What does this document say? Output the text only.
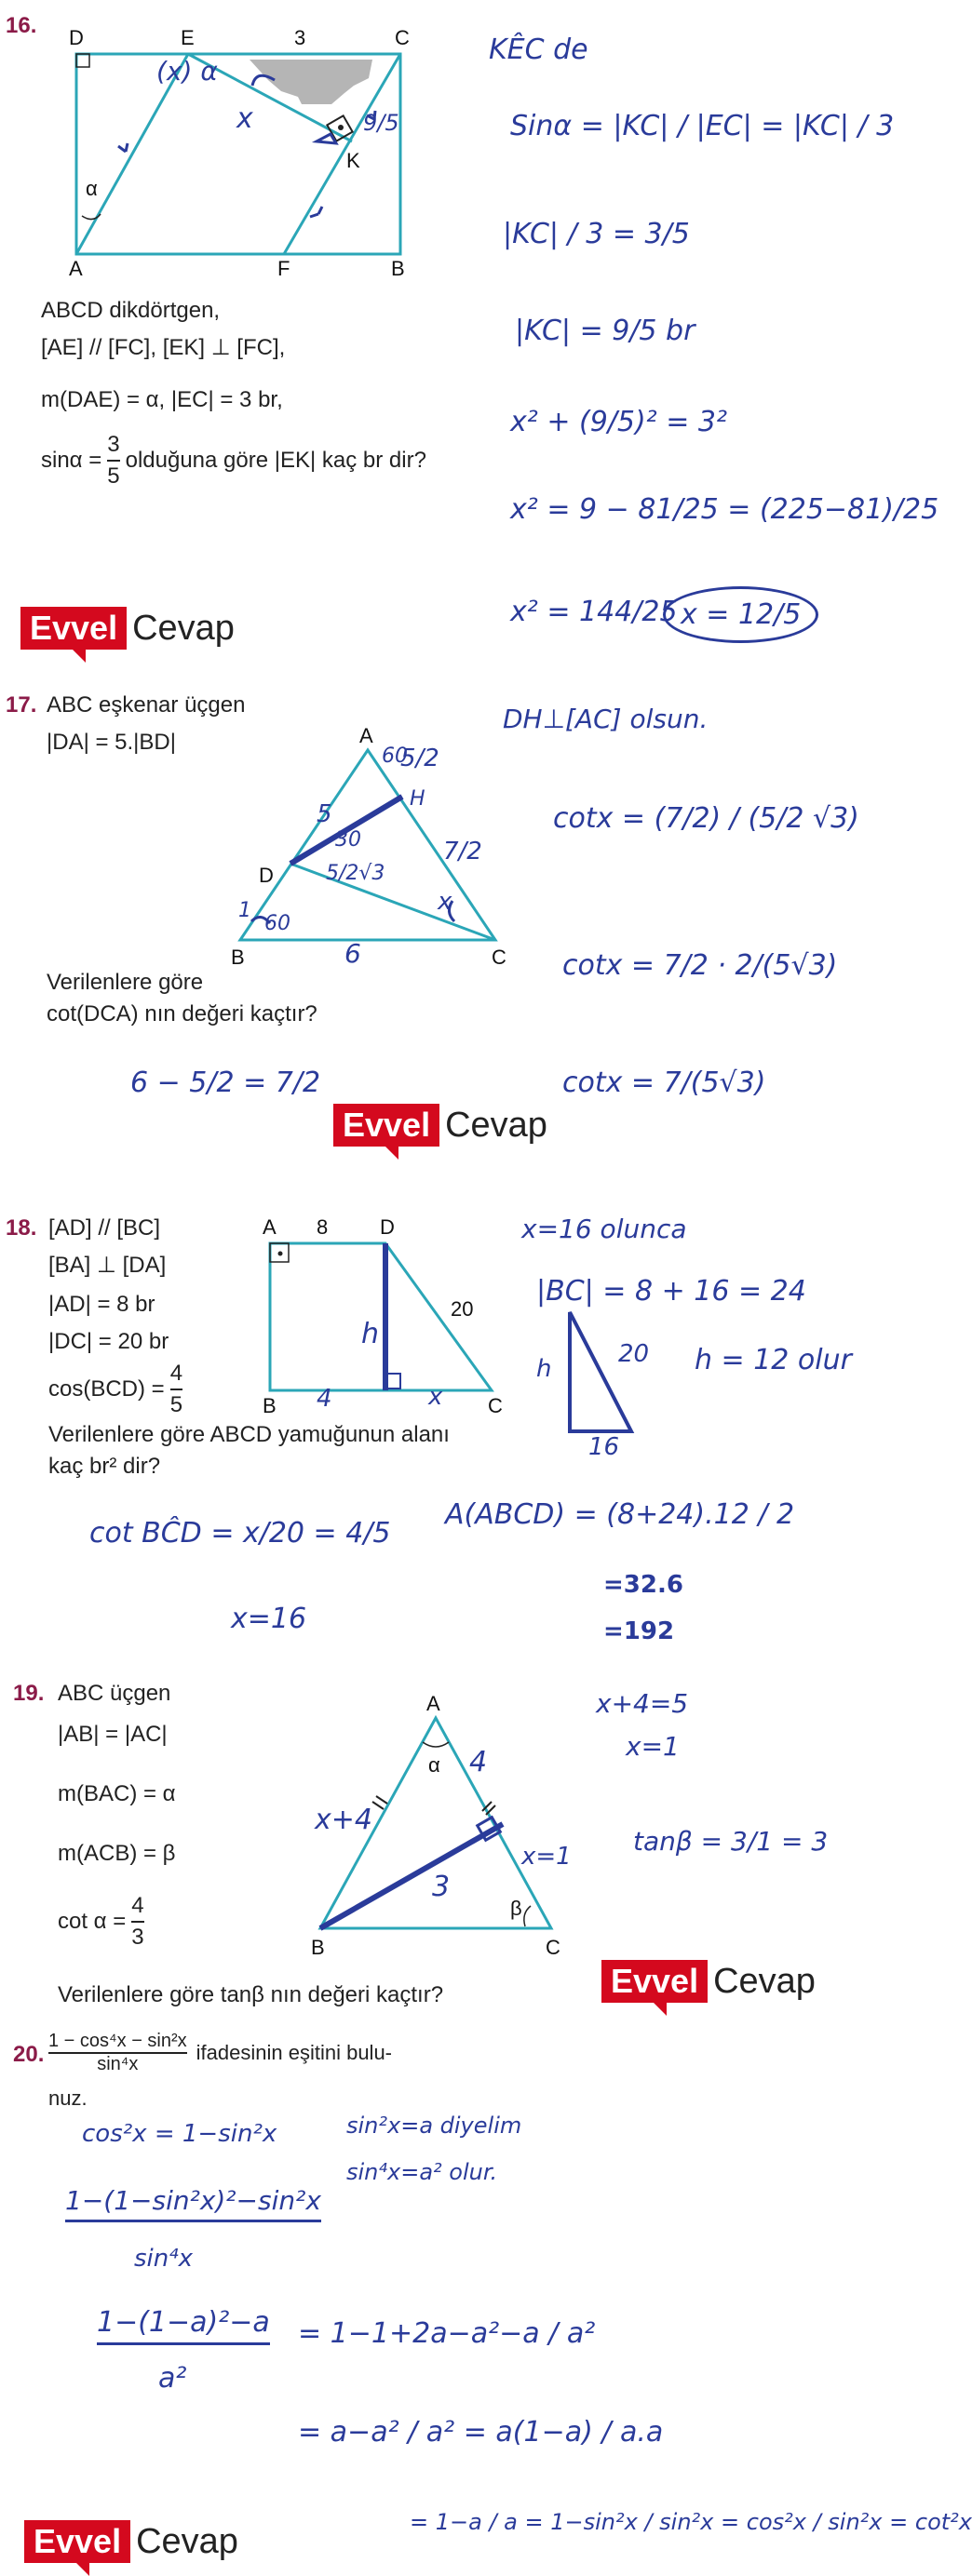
16. D	E	3	C
A	F	B
K
α
(x) α
x	9/5
ABCD dikdörtgen,
[AE] // [FC], [EK] ⊥ [FC],
m(DAE) = α, |EC| = 3 br,
$\sin\alpha = \frac{3}{5}$ olduğuna göre |EK| kaç br dir?
KÊC de
Sinα = |KC| / |EC| = |KC| / 3
|KC| / 3 = 3/5
|KC| = 9/5 br
x² + (9/5)² = 3²
x² = 9 − 81/25 = (225−81)/25
x² = 144/25 x = 12/5
Evvel Cevap
17. ABC eşkenar üçgen
|DA| = 5.|BD|
Verilenlere göre
cot(DCA) nın değeri kaçtır?
A
D
B	C
60
H
5/2
5
30
5/2√3
7/2
1
60
6
x
DH⊥[AC] olsun.
cotx = (7/2) / (5/2 √3)
cotx = 7/2 · 2/(5√3)
cotx = 7/(5√3)
6 − 5/2 = 7/2
Evvel Cevap
18. [AD] // [BC]
[BA] ⊥ [DA]
|AD| = 8 br
|DC| = 20 br
$\cos(BCD) = \frac{4}{5}$
Verilenlere göre ABCD yamuğunun alanı
kaç br² dir?
A 8	D
20
B	C
h
4	x
x=16 olunca
|BC| = 8 + 16 = 24
h = 12 olur
h
20
16
cot BĈD = x/20 = 4/5
x=16
A(ABCD) = (8+24).12 / 2
=32.6
=192
19. ABC üçgen
|AB| = |AC|
m(BAC) = α
m(ACB) = β
$\cot \alpha = \frac{4}{3}$
Verilenlere göre tanβ nın değeri kaçtır?
A
B	C
α
β
4
x+4
x=1
3
x+4=5
x=1
tanβ = 3/1 = 3
Evvel Cevap
20. $\frac{\text{1 − cos⁴x − sin²x}}{\text{sin⁴x}}$ ifadesinin eşitini bulu-
nuz.
cos²x = 1−sin²x	sin²x=a diyelim
sin⁴x=a² olur.
1−(1−sin²x)²−sin²x
sin⁴x
1−(1−a)²−a
a²
= 1−1+2a−a²−a / a²
= a−a² / a² = a(1−a) / a.a
= 1−a / a = 1−sin²x / sin²x = cos²x / sin²x = cot²x
Evvel Cevap
